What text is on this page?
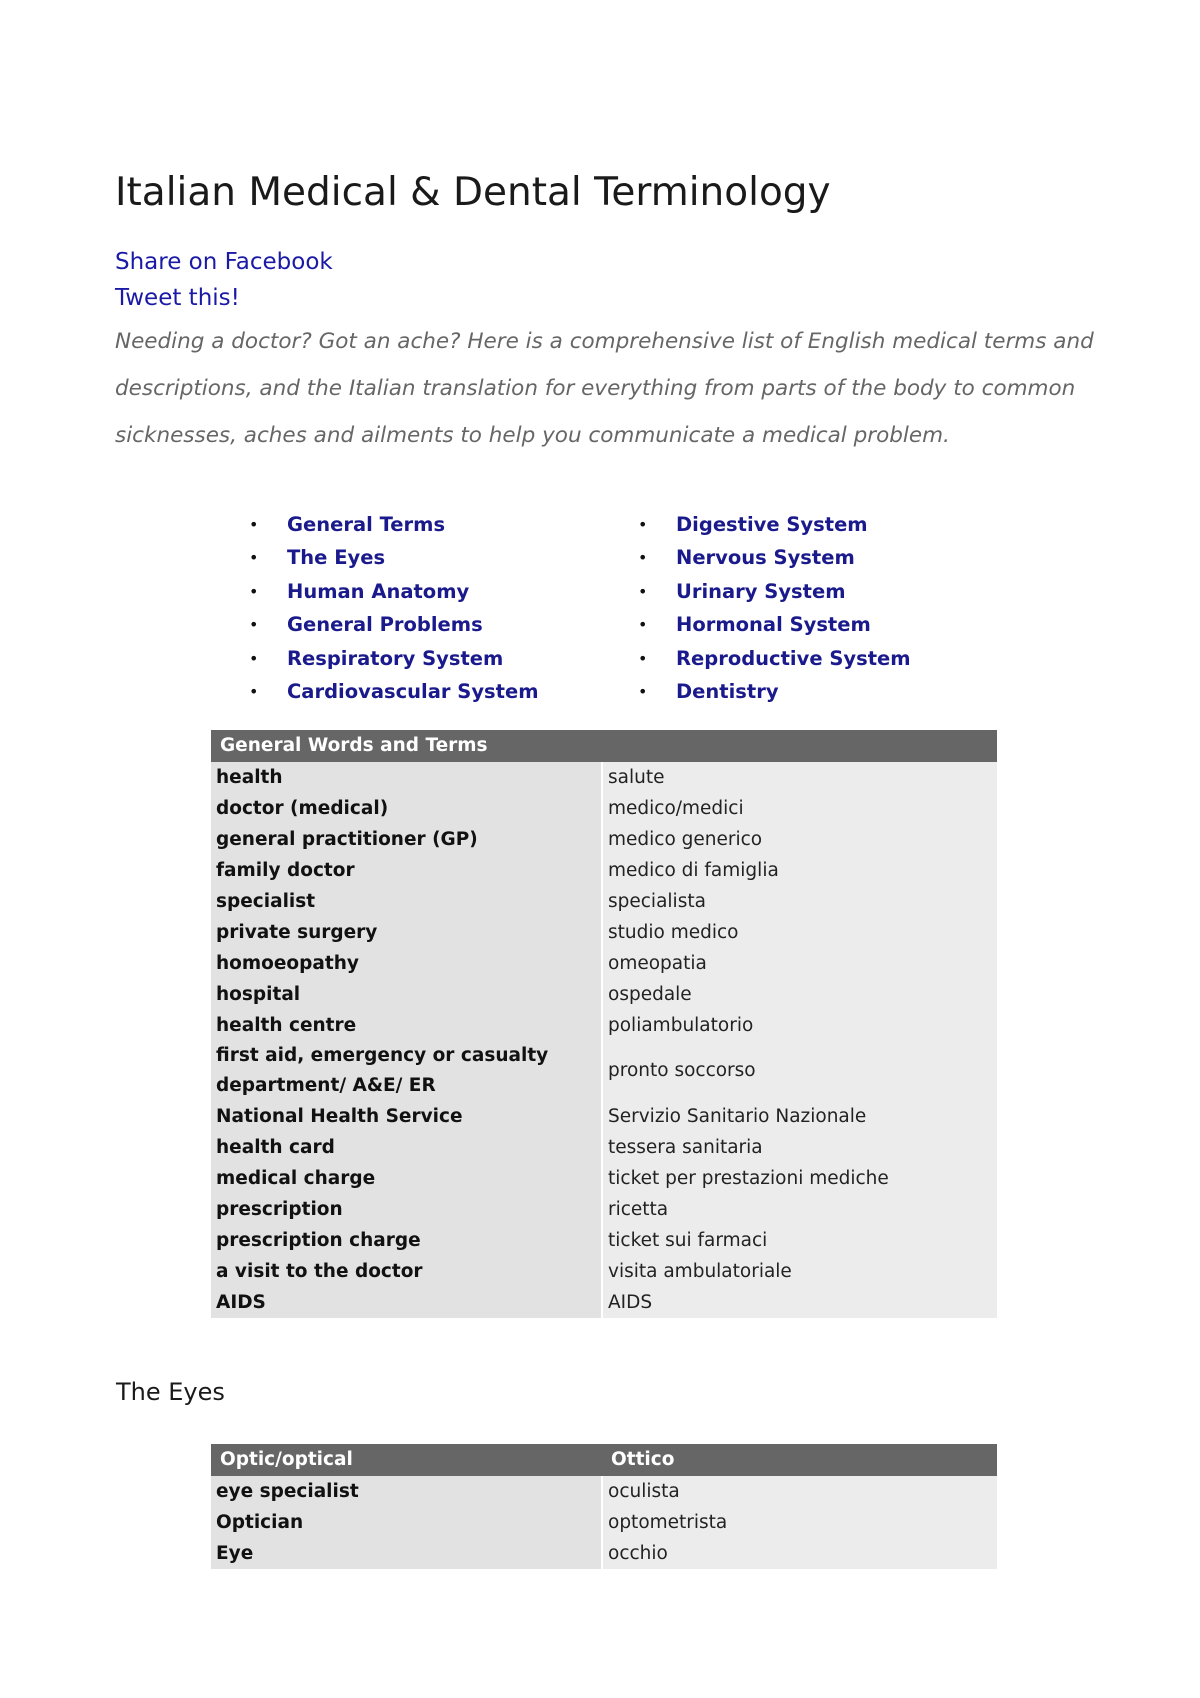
Italian Medical & Dental Terminology
Share on Facebook
Tweet this!

Needing a doctor? Got an ache? Here is a comprehensive list of English medical terms and
descriptions, and the Italian translation for everything from parts of the body to common
sicknesses, aches and ailments to help you communicate a medical problem.

• General Terms
• The Eyes
• Human Anatomy
• General Problems
• Respiratory System
• Cardiovascular System
• Digestive System
• Nervous System
• Urinary System
• Hormonal System
• Reproductive System
• Dentistry
General Words and Terms	
health	salute
doctor (medical)	medico/medici
general practitioner (GP)	medico generico
family doctor	medico di famiglia
specialist	specialista
private surgery	studio medico
homoeopathy	omeopatia
hospital	ospedale
health centre	poliambulatorio
first aid, emergency or casualty department/ A&E/ ER	pronto soccorso
National Health Service	Servizio Sanitario Nazionale
health card	tessera sanitaria
medical charge	ticket per prestazioni mediche
prescription	ricetta
prescription charge	ticket sui farmaci
a visit to the doctor	visita ambulatoriale
AIDS	AIDS
The Eyes
Optic/optical	Ottico
eye specialist	oculista
Optician	optometrista
Eye	occhio
